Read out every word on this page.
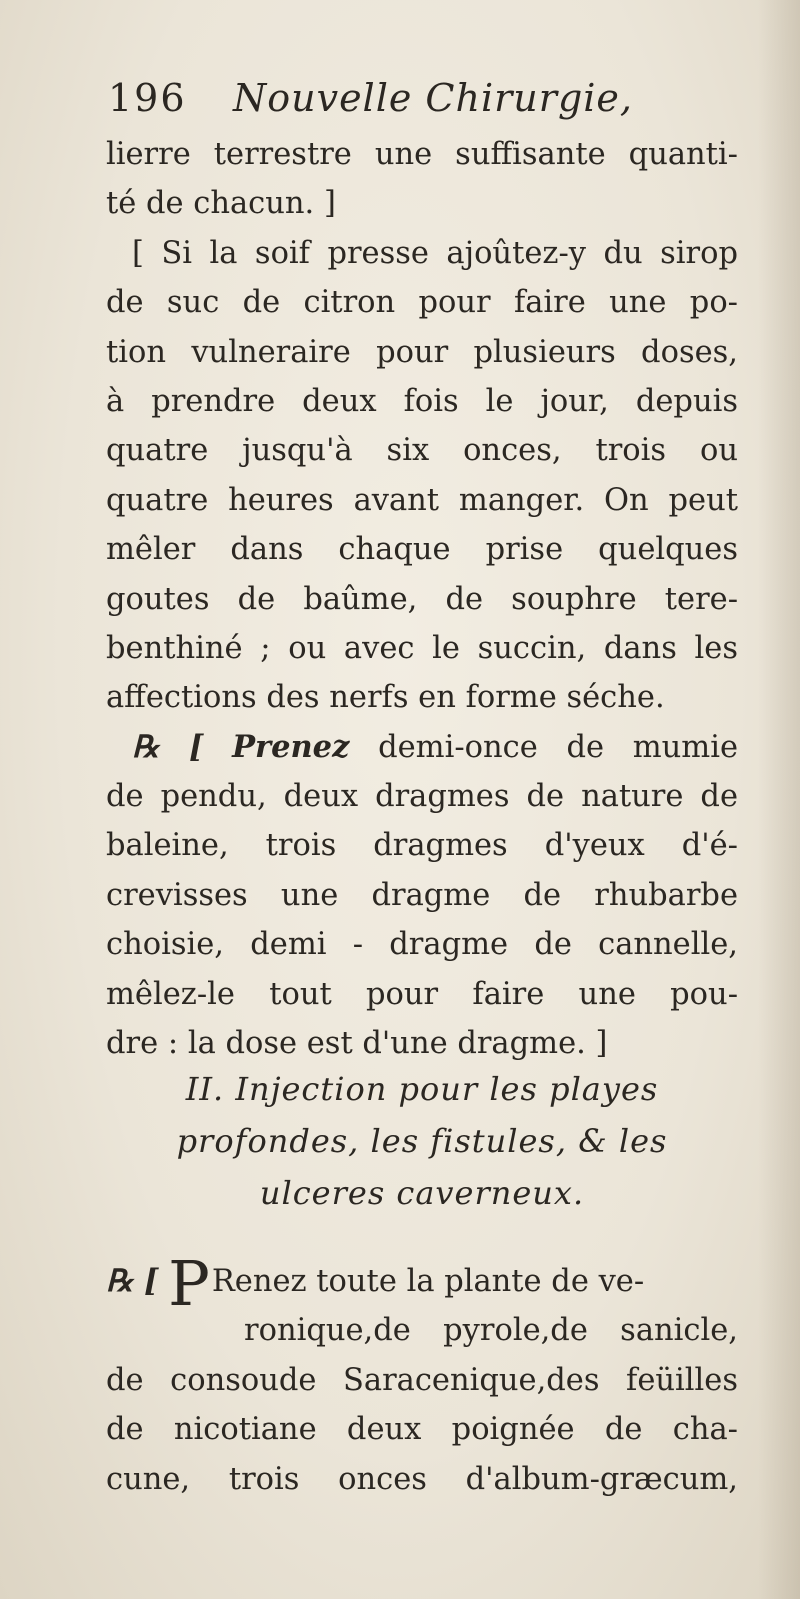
196 Nouvelle Chirurgie,
lierre terrestre une suffisante quanti-
té de chacun. ]
[ Si la soif presse ajoûtez-y du sirop
de suc de citron pour faire une po-
tion vulneraire pour plusieurs doses,
à prendre deux fois le jour, depuis
quatre jusqu'à six onces, trois ou
quatre heures avant manger. On peut
mêler dans chaque prise quelques
goutes de baûme, de souphre tere-
benthiné ; ou avec le succin, dans les
affections des nerfs en forme séche.
℞ [ Prenez demi-once de mumie
de pendu, deux dragmes de nature de
baleine, trois dragmes d'yeux d'é-
crevisses une dragme de rhubarbe
choisie, demi - dragme de cannelle,
mêlez-le tout pour faire une pou-
dre : la dose est d'une dragme. ]
II. Injection pour les playes
profondes, les fistules, & les
ulceres caverneux.
℞ [ PRenez toute la plante de ve-
ronique,de pyrole,de sanicle,
de consoude Saracenique,des feüilles
de nicotiane deux poignée de cha-
cune, trois onces d'album-græcum,
